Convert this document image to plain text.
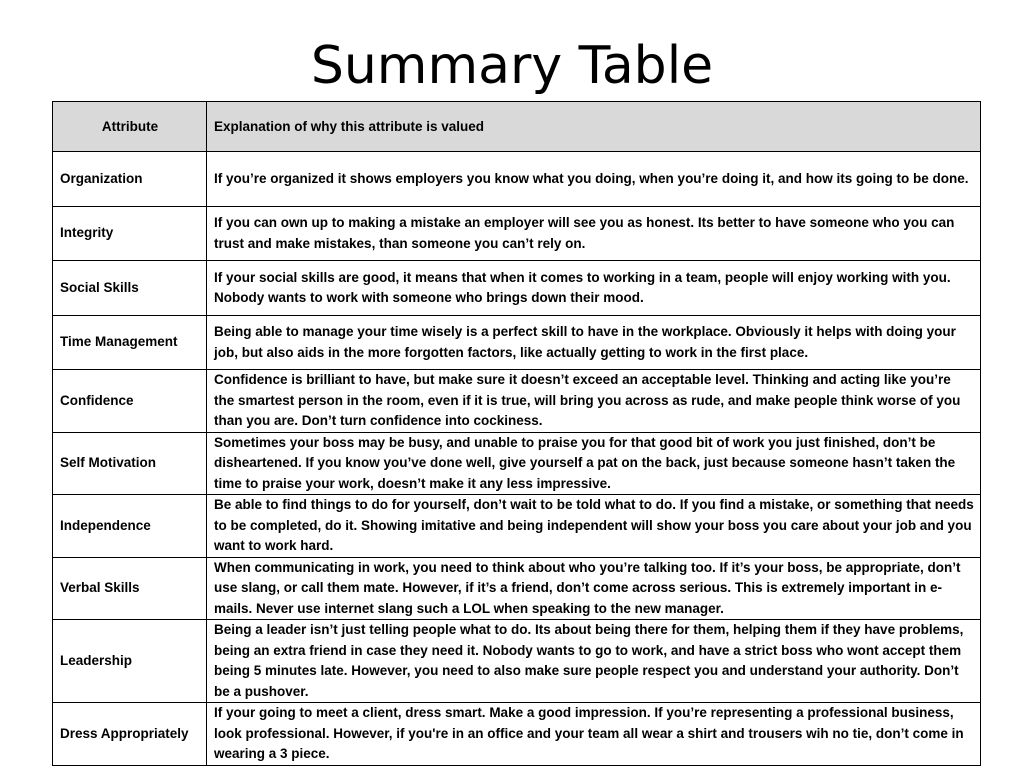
Summary Table
Attribute	Explanation of why this attribute is valued
Organization	If you’re organized it shows employers you know what you doing, when you’re doing it, and how its going to be done.
Integrity	If you can own up to making a mistake an employer will see you as honest. Its better to have someone who you can trust and make mistakes, than someone you can’t rely on.
Social Skills	If your social skills are good, it means that when it comes to working in a team, people will enjoy working with you. Nobody wants to work with someone who brings down their mood.
Time Management	Being able to manage your time wisely is a perfect skill to have in the workplace. Obviously it helps with doing your job, but also aids in the more forgotten factors, like actually getting to work in the first place.
Confidence	Confidence is brilliant to have, but make sure it doesn’t exceed an acceptable level. Thinking and acting like you’re the smartest person in the room, even if it is true, will bring you across as rude, and make people think worse of you than you are. Don’t turn confidence into cockiness.
Self Motivation	Sometimes your boss may be busy, and unable to praise you for that good bit of work you just finished, don’t be disheartened. If you know you’ve done well, give yourself a pat on the back, just because someone hasn’t taken the time to praise your work, doesn’t make it any less impressive.
Independence	Be able to find things to do for yourself, don’t wait to be told what to do. If you find a mistake, or something that needs to be completed, do it. Showing imitative and being independent will show your boss you care about your job and you want to work hard.
Verbal Skills	When communicating in work, you need to think about who you’re talking too. If it’s your boss, be appropriate, don’t use slang, or call them mate. However, if it’s a friend, don’t come across serious. This is extremely important in e-mails. Never use internet slang such a LOL when speaking to the new manager.
Leadership	Being a leader isn’t just telling people what to do. Its about being there for them, helping them if they have problems, being an extra friend in case they need it. Nobody wants to go to work, and have a strict boss who wont accept them being 5 minutes late. However, you need to also make sure people respect you and understand your authority. Don’t be a pushover.
Dress Appropriately	If your going to meet a client, dress smart. Make a good impression. If you’re representing a professional business, look professional. However, if you're in an office and your team all wear a shirt and trousers wih no tie, don’t come in wearing a 3 piece.
